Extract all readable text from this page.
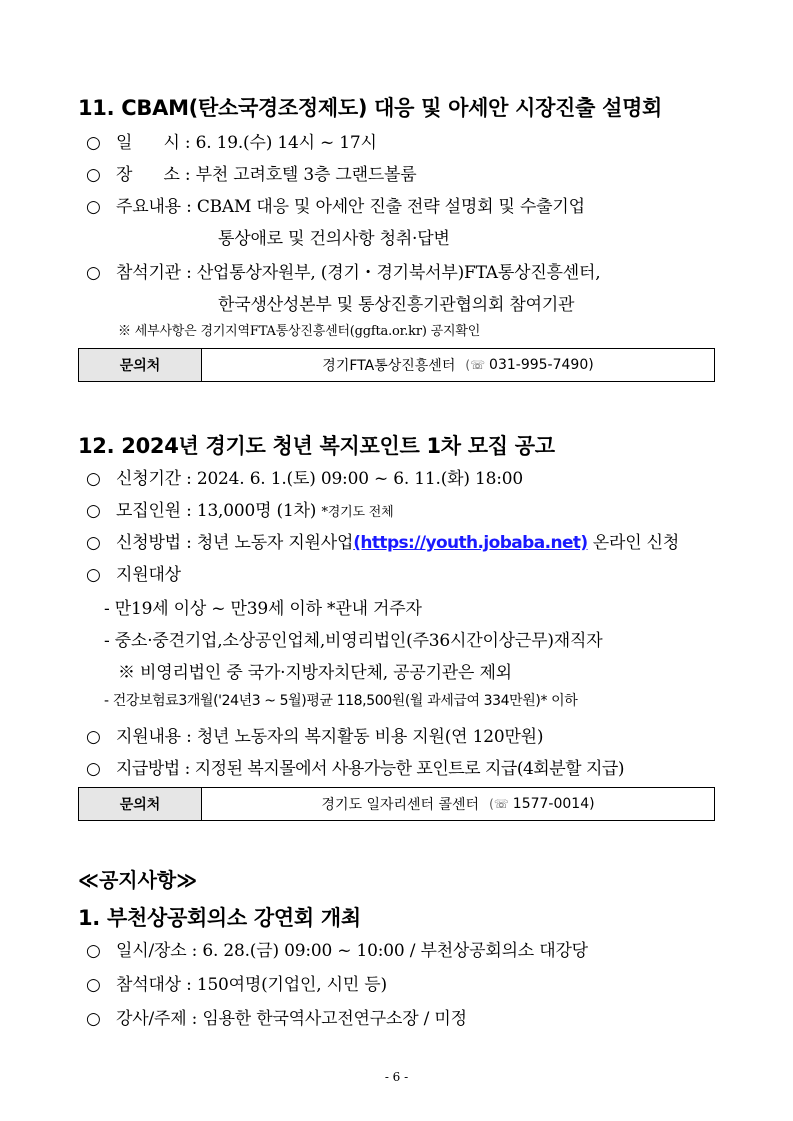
11. CBAM(탄소국경조정제도) 대응 및 아세안 시장진출 설명회
○ 일      시 : 6. 19.(수) 14시 ~ 17시
○ 장      소 : 부천 고려호텔 3층 그랜드볼룸
○ 주요내용 : CBAM 대응 및 아세안 진출 전략 설명회 및 수출기업
통상애로 및 건의사항 청취·답변
○ 참석기관 : 산업통상자원부, (경기・경기북서부)FTA통상진흥센터,
한국생산성본부 및 통상진흥기관협의회 참여기관
※ 세부사항은 경기지역FTA통상진흥센터(ggfta.or.kr) 공지확인
문의처	경기FTA통상진흥센터 (☏ 031-995-7490)
12. 2024년 경기도 청년 복지포인트 1차 모집 공고
○ 신청기간 : 2024. 6. 1.(토) 09:00 ~ 6. 11.(화) 18:00
○ 모집인원 : 13,000명 (1차) *경기도 전체
○ 신청방법 : 청년 노동자 지원사업(https://youth.jobaba.net) 온라인 신청
○ 지원대상
- 만19세 이상 ~ 만39세 이하 *관내 거주자
- 중소·중견기업,소상공인업체,비영리법인(주36시간이상근무)재직자
※ 비영리법인 중 국가·지방자치단체, 공공기관은 제외
- 건강보험료3개월('24년3 ~ 5월)평균 118,500원(월 과세급여 334만원)* 이하
○ 지원내용 : 청년 노동자의 복지활동 비용 지원(연 120만원)
○ 지급방법 : 지정된 복지몰에서 사용가능한 포인트로 지급(4회분할 지급)
문의처	경기도 일자리센터 콜센터 (☏ 1577-0014)
≪공지사항≫
1. 부천상공회의소 강연회 개최
○ 일시/장소 : 6. 28.(금) 09:00 ~ 10:00 / 부천상공회의소 대강당
○ 참석대상 : 150여명(기업인, 시민 등)
○ 강사/주제 : 임용한 한국역사고전연구소장 / 미정
- 6 -
